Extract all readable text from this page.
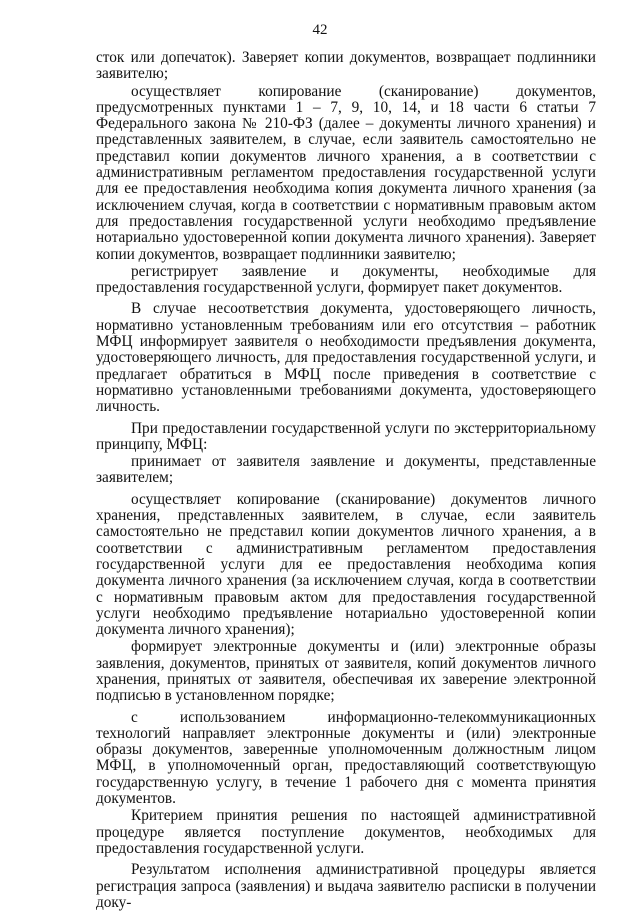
42

сток или допечаток). Заверяет копии документов, возвращает подлинники заявителю;

осуществляет копирование (сканирование) документов, предусмотренных пунктами 1 – 7, 9, 10, 14, и 18 части 6 статьи 7 Федерального закона № 210-ФЗ (далее – документы личного хранения) и представленных заявителем, в случае, если заявитель самостоятельно не представил копии документов личного хранения, а в соответствии с административным регламентом предоставления государственной услуги для ее предоставления необходима копия документа личного хранения (за исключением случая, когда в соответствии с нормативным правовым актом для предоставления государственной услуги необходимо предъявление нотариально удостоверенной копии документа личного хранения). Заверяет копии документов, возвращает подлинники заявителю;

регистрирует заявление и документы, необходимые для предоставления государственной услуги, формирует пакет документов.

В случае несоответствия документа, удостоверяющего личность, нормативно установленным требованиям или его отсутствия – работник МФЦ информирует заявителя о необходимости предъявления документа, удостоверяющего личность, для предоставления государственной услуги, и предлагает обратиться в МФЦ после приведения в соответствие с нормативно установленными требованиями документа, удостоверяющего личность.

При предоставлении государственной услуги по экстерриториальному принципу, МФЦ:

принимает от заявителя заявление и документы, представленные заявителем;

осуществляет копирование (сканирование) документов личного хранения, представленных заявителем, в случае, если заявитель самостоятельно не представил копии документов личного хранения, а в соответствии с административным регламентом предоставления государственной услуги для ее предоставления необходима копия документа личного хранения (за исключением случая, когда в соответствии с нормативным правовым актом для предоставления государственной услуги необходимо предъявление нотариально удостоверенной копии документа личного хранения);

формирует электронные документы и (или) электронные образы заявления, документов, принятых от заявителя, копий документов личного хранения, принятых от заявителя, обеспечивая их заверение электронной подписью в установленном порядке;

с использованием информационно-телекоммуникационных технологий направляет электронные документы и (или) электронные образы документов, заверенные уполномоченным должностным лицом МФЦ, в уполномоченный орган, предоставляющий соответствующую государственную услугу, в течение 1 рабочего дня с момента принятия документов.

Критерием принятия решения по настоящей административной процедуре является поступление документов, необходимых для предоставления государственной услуги.

Результатом исполнения административной процедуры является регистрация запроса (заявления) и выдача заявителю расписки в получении доку-
